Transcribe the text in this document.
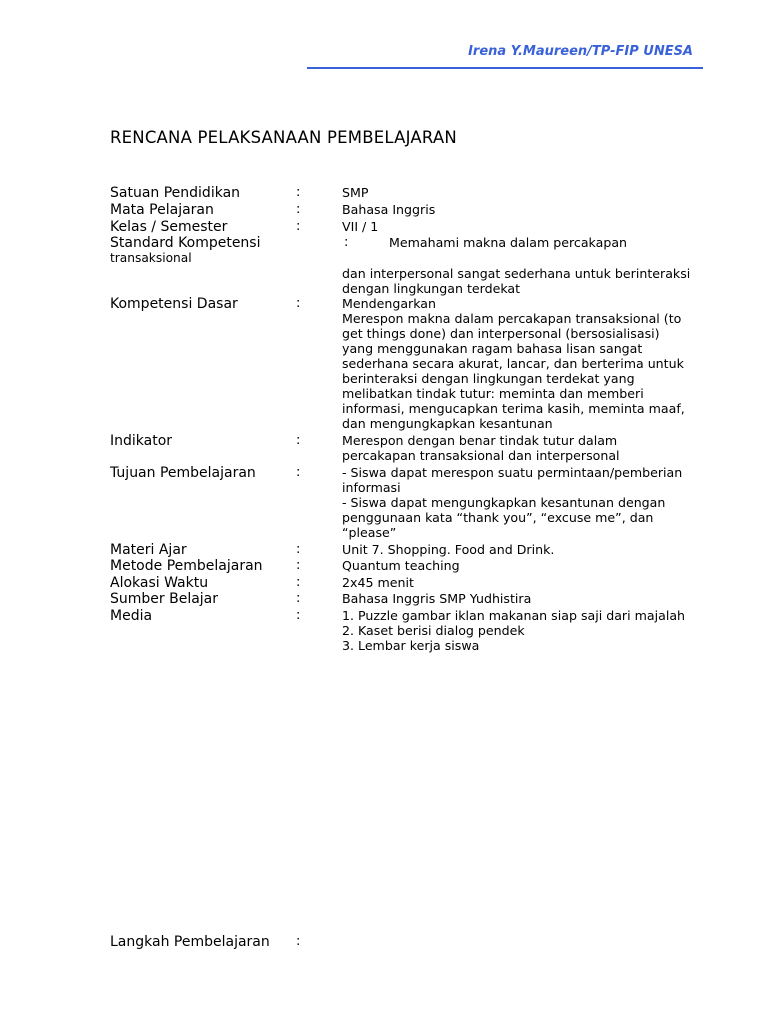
Irena Y.Maureen/TP-FIP UNESA
RENCANA PELAKSANAAN PEMBELAJARAN
Satuan Pendidikan	:	SMP
Mata Pelajaran	:	Bahasa Inggris
Kelas / Semester	:	VII / 1
Standard Kompetensi	:	Memahami makna dalam percakapan
transaksional
dan interpersonal sangat sederhana untuk berinteraksi
dengan lingkungan terdekat
Kompetensi Dasar	:	Mendengarkan
Merespon makna dalam percakapan transaksional (to
get things done) dan interpersonal (bersosialisasi)
yang menggunakan ragam bahasa lisan sangat
sederhana secara akurat, lancar, dan berterima untuk
berinteraksi dengan lingkungan terdekat yang
melibatkan tindak tutur: meminta dan memberi
informasi, mengucapkan terima kasih, meminta maaf,
dan mengungkapkan kesantunan
Indikator	:	Merespon dengan benar tindak tutur dalam
percakapan transaksional dan interpersonal
Tujuan Pembelajaran	:	- Siswa dapat merespon suatu permintaan/pemberian
informasi
- Siswa dapat mengungkapkan kesantunan dengan
penggunaan kata “thank you”, “excuse me”, dan
“please”
Materi Ajar	:	Unit 7. Shopping. Food and Drink.
Metode Pembelajaran	:	Quantum teaching
Alokasi Waktu	:	2x45 menit
Sumber Belajar	:	Bahasa Inggris SMP Yudhistira
Media	:	1. Puzzle gambar iklan makanan siap saji dari majalah
2. Kaset berisi dialog pendek
3. Lembar kerja siswa
Langkah Pembelajaran :
